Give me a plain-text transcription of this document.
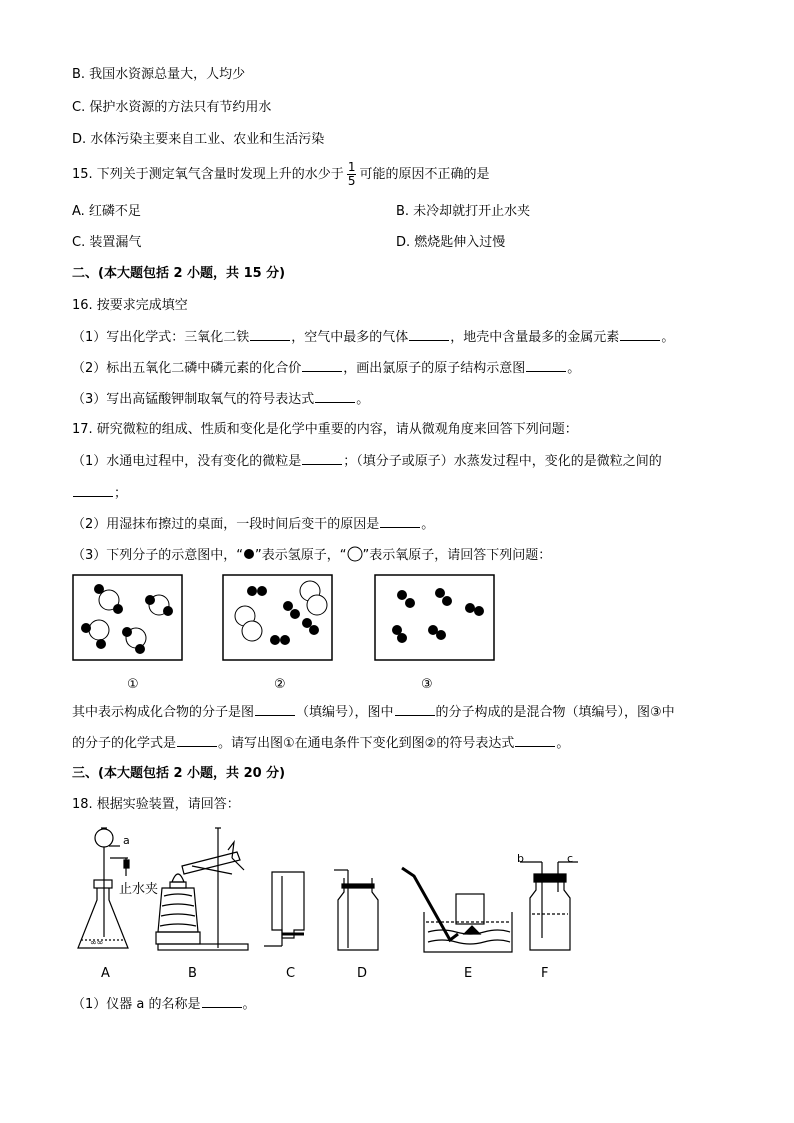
B. 我国水资源总量大，人均少
C. 保护水资源的方法只有节约用水
D. 水体污染主要来自工业、农业和生活污染
15. 下列关于测定氧气含量时发现上升的水少于 $\frac{1}{5}$ 可能的原因不正确的是
A. 红磷不足	B. 未冷却就打开止水夹
C. 装置漏气	D. 燃烧匙伸入过慢
二、(本大题包括 2 小题，共 15 分)
16. 按要求完成填空
（1）写出化学式：三氧化二铁	，空气中最多的气体	，地壳中含量最多的金属元素	。
（2）标出五氧化二磷中磷元素的化合价	，画出氯原子的原子结构示意图	。
（3）写出高锰酸钾制取氧气的符号表达式	。
17. 研究微粒的组成、性质和变化是化学中重要的内容，请从微观角度来回答下列问题：
（1）水通电过程中，没有变化的微粒是	；（填分子或原子）水蒸发过程中，变化的是微粒之间的
；
（2）用湿抹布擦过的桌面，一段时间后变干的原因是	。
（3）下列分子的示意图中，“ ”表示氢原子，“ ”表示氧原子，请回答下列问题：
①	②	③
其中表示构成化合物的分子是图	（填编号），图中	的分子构成的是混合物（填编号），图③中
的分子的化学式是	。请写出图①在通电条件下变化到图②的符号表达式	。
三、(本大题包括 2 小题，共 20 分)
18. 根据实验装置，请回答：
∞∞
a
止水夹
b	c
A	B	C	D	E	F
（1）仪器 a 的名称是	。
